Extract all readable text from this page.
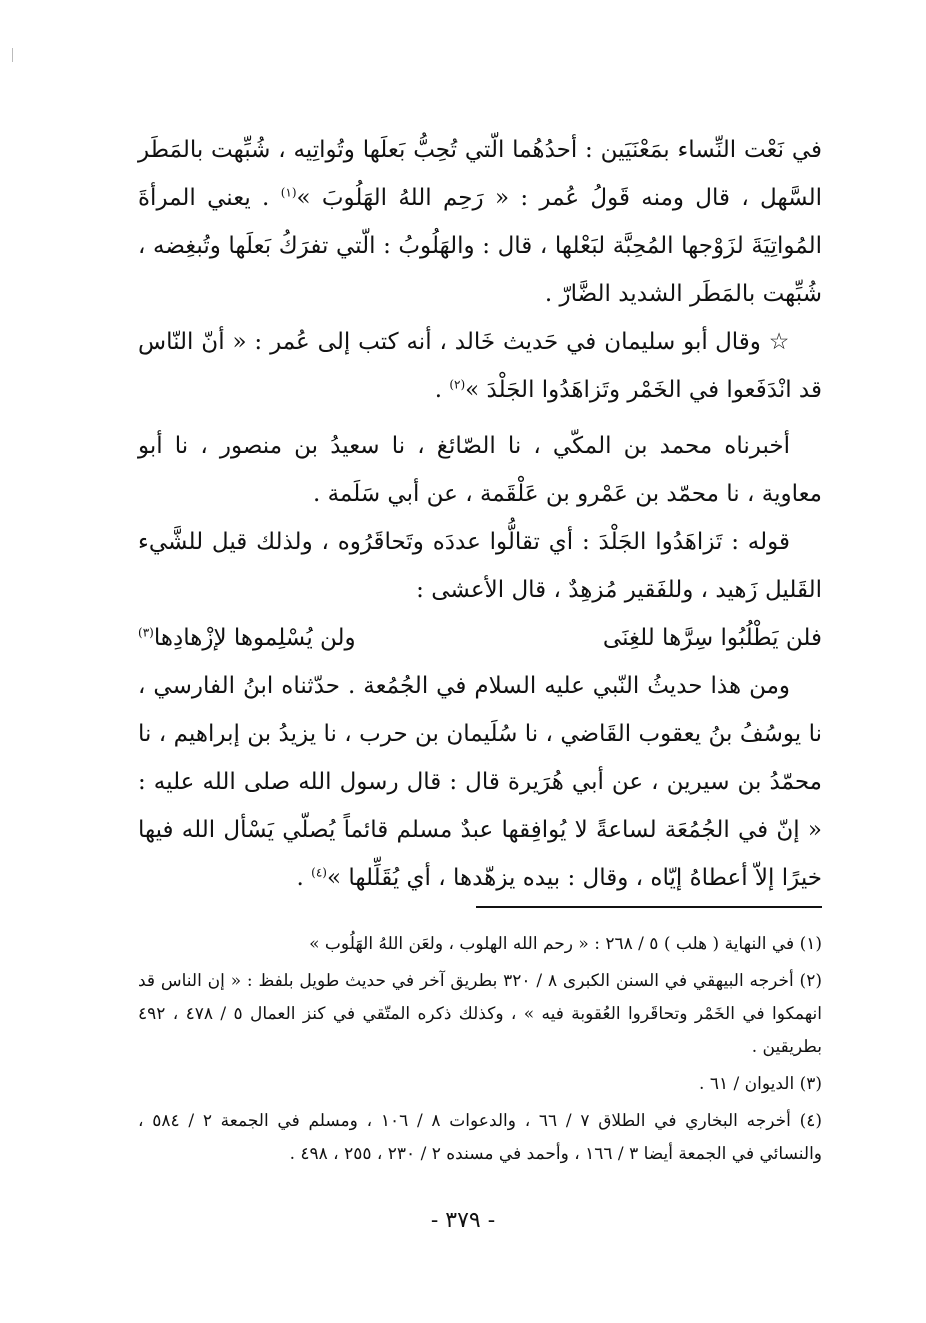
في نَعْت النِّساء بمَعْنَيَين : أحدُهُما الّتي تُحِبُّ بَعلَها وتُواتِيه ، شُبِّهت بالمَطَر السَّهل ، قال ومنه قَولُ عُمر : « رَحِم اللهُ الهَلُوبَ »$^{(١)}$ . يعني المرأةَ المُواتِيَةَ لزَوْجها المُحِبَّة لبَعْلها ، قال : والهَلُوبُ : الّتي تفرَكُ بَعلَها وتُبغِضه ، شُبِّهت بالمَطَر الشديد الضَّارّ .

☆ وقال أبو سليمان في حَديث خَالد ، أنه كتب إلى عُمر : « أنّ النّاس قد انْدَفَعوا في الخَمْر وتَزاهَدُوا الجَلْدَ »$^{(٢)}$ .

أخبرناه محمد بن المكّي ، نا الصّائغ ، نا سعيدُ بن منصور ، نا أبو معاوية ، نا محمّد بن عَمْرو بن عَلْقَمة ، عن أبي سَلَمة .

قوله : تَزاهَدُوا الجَلْدَ : أي تقالُّوا عددَه وتَحاقَرُوه ، ولذلك قيل للشَّيء القَليل زَهيد ، وللفَقير مُزهِدٌ ، قال الأعشى :

فلن يَطْلُبُوا سِرَّها للغِنَى
ولن يُسْلِموها لإزْهادِها$^{(٣)}$

ومن هذا حديثُ النّبي عليه السلام في الجُمُعة . حدّثناه ابنُ الفارسي ، نا يوسُفُ بنُ يعقوب القَاضي ، نا سُلَيمان بن حرب ، نا يزيدُ بن إبراهيم ، نا محمّدُ بن سيرين ، عن أبي هُرَيرة قال : قال رسول الله صلى الله عليه : « إنّ في الجُمُعَة لساعةً لا يُوافِقها عبدٌ مسلم قائماً يُصلّي يَسْأل الله فيها خيرًا إلاّ أعطاهُ إيّاه ، وقال : بيده يزهّدها ، أي يُقَلِّلها »$^{(٤)}$ .

(١) في النهاية ( هلب ) ٥ / ٢٦٨ : « رحم الله الهلوب ، ولعَن اللهُ الهَلُوب »

(٢) أخرجه البيهقي في السنن الكبرى ٨ / ٣٢٠ بطريق آخر في حديث طويل بلفظ : « إن الناس قد انهمكوا في الخَمْر وتحاقَروا العُقوبة فيه » ، وكذلك ذكره المتّقي في كنز العمال ٥ / ٤٧٨ ، ٤٩٢ بطريقين .

(٣) الديوان / ٦١ .

(٤) أخرجه البخاري في الطلاق ٧ / ٦٦ ، والدعوات ٨ / ١٠٦ ، ومسلم في الجمعة ٢ / ٥٨٤ ، والنسائي في الجمعة أيضا ٣ / ١٦٦ ، وأحمد في مسنده ٢ / ٢٣٠ ، ٢٥٥ ، ٤٩٨ .

- ٣٧٩ -
